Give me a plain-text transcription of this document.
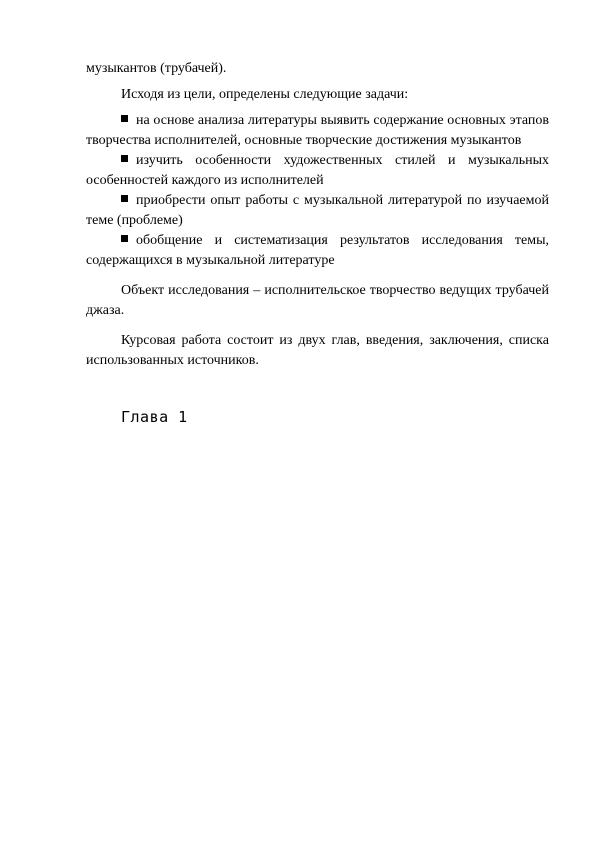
музыкантов (трубачей).

Исходя из цели, определены следующие задачи:

на основе анализа литературы выявить содержание основных этапов творчества исполнителей, основные творческие достижения музыкантов

изучить особенности художественных стилей и музыкальных особенностей каждого из исполнителей

приобрести опыт работы с музыкальной литературой по изучаемой теме (проблеме)

обобщение и систематизация результатов исследования темы, содержащихся в музыкальной литературе

Объект исследования – исполнительское творчество ведущих трубачей джаза.

Курсовая работа состоит из двух глав, введения, заключения, списка использованных источников.

Глава 1
